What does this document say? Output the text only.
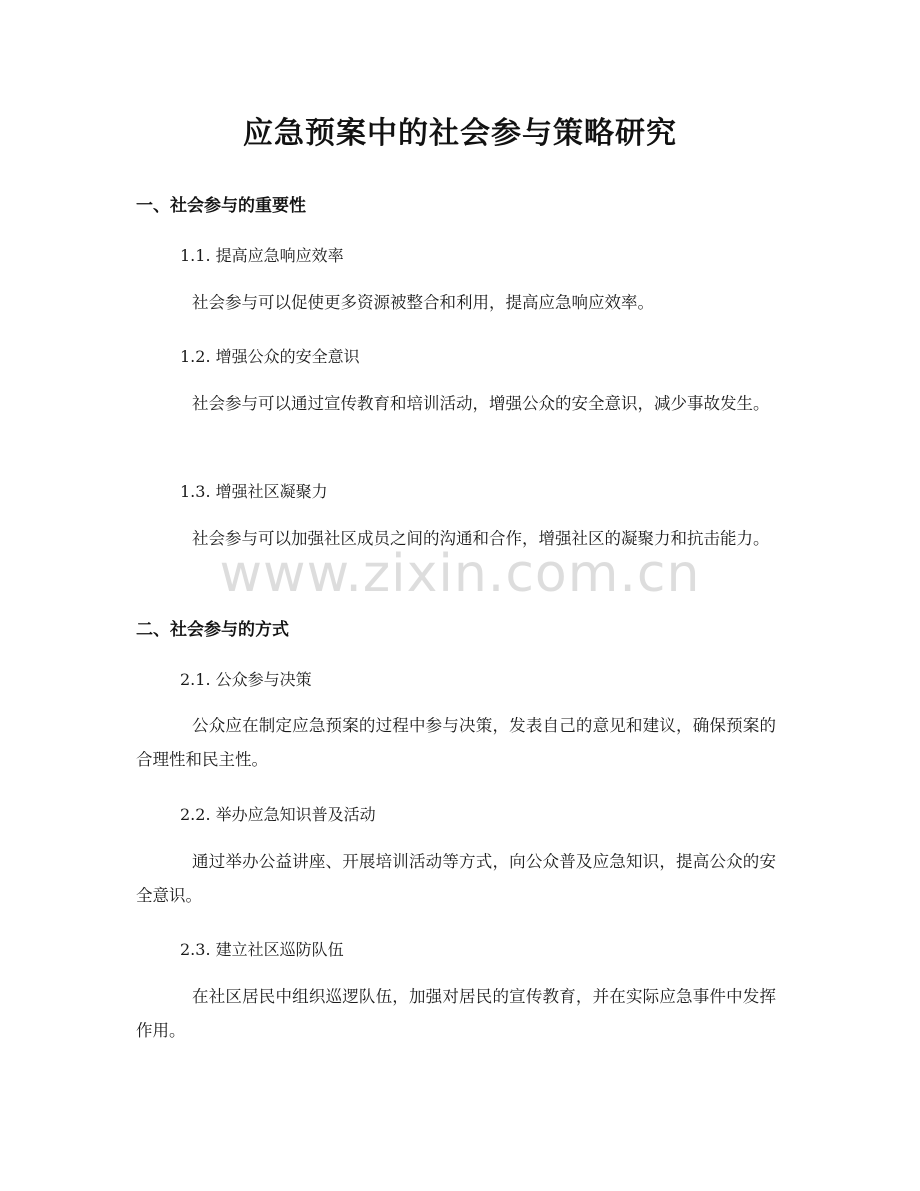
应急预案中的社会参与策略研究
一、社会参与的重要性
1.1. 提高应急响应效率
社会参与可以促使更多资源被整合和利用，提高应急响应效率。
1.2. 增强公众的安全意识
社会参与可以通过宣传教育和培训活动，增强公众的安全意识，减少事故发生。
1.3. 增强社区凝聚力
社会参与可以加强社区成员之间的沟通和合作，增强社区的凝聚力和抗击能力。
二、社会参与的方式
2.1. 公众参与决策
公众应在制定应急预案的过程中参与决策，发表自己的意见和建议，确保预案的合理性和民主性。
2.2. 举办应急知识普及活动
通过举办公益讲座、开展培训活动等方式，向公众普及应急知识，提高公众的安全意识。
2.3. 建立社区巡防队伍
在社区居民中组织巡逻队伍，加强对居民的宣传教育，并在实际应急事件中发挥作用。
www.zixin.com.cn
